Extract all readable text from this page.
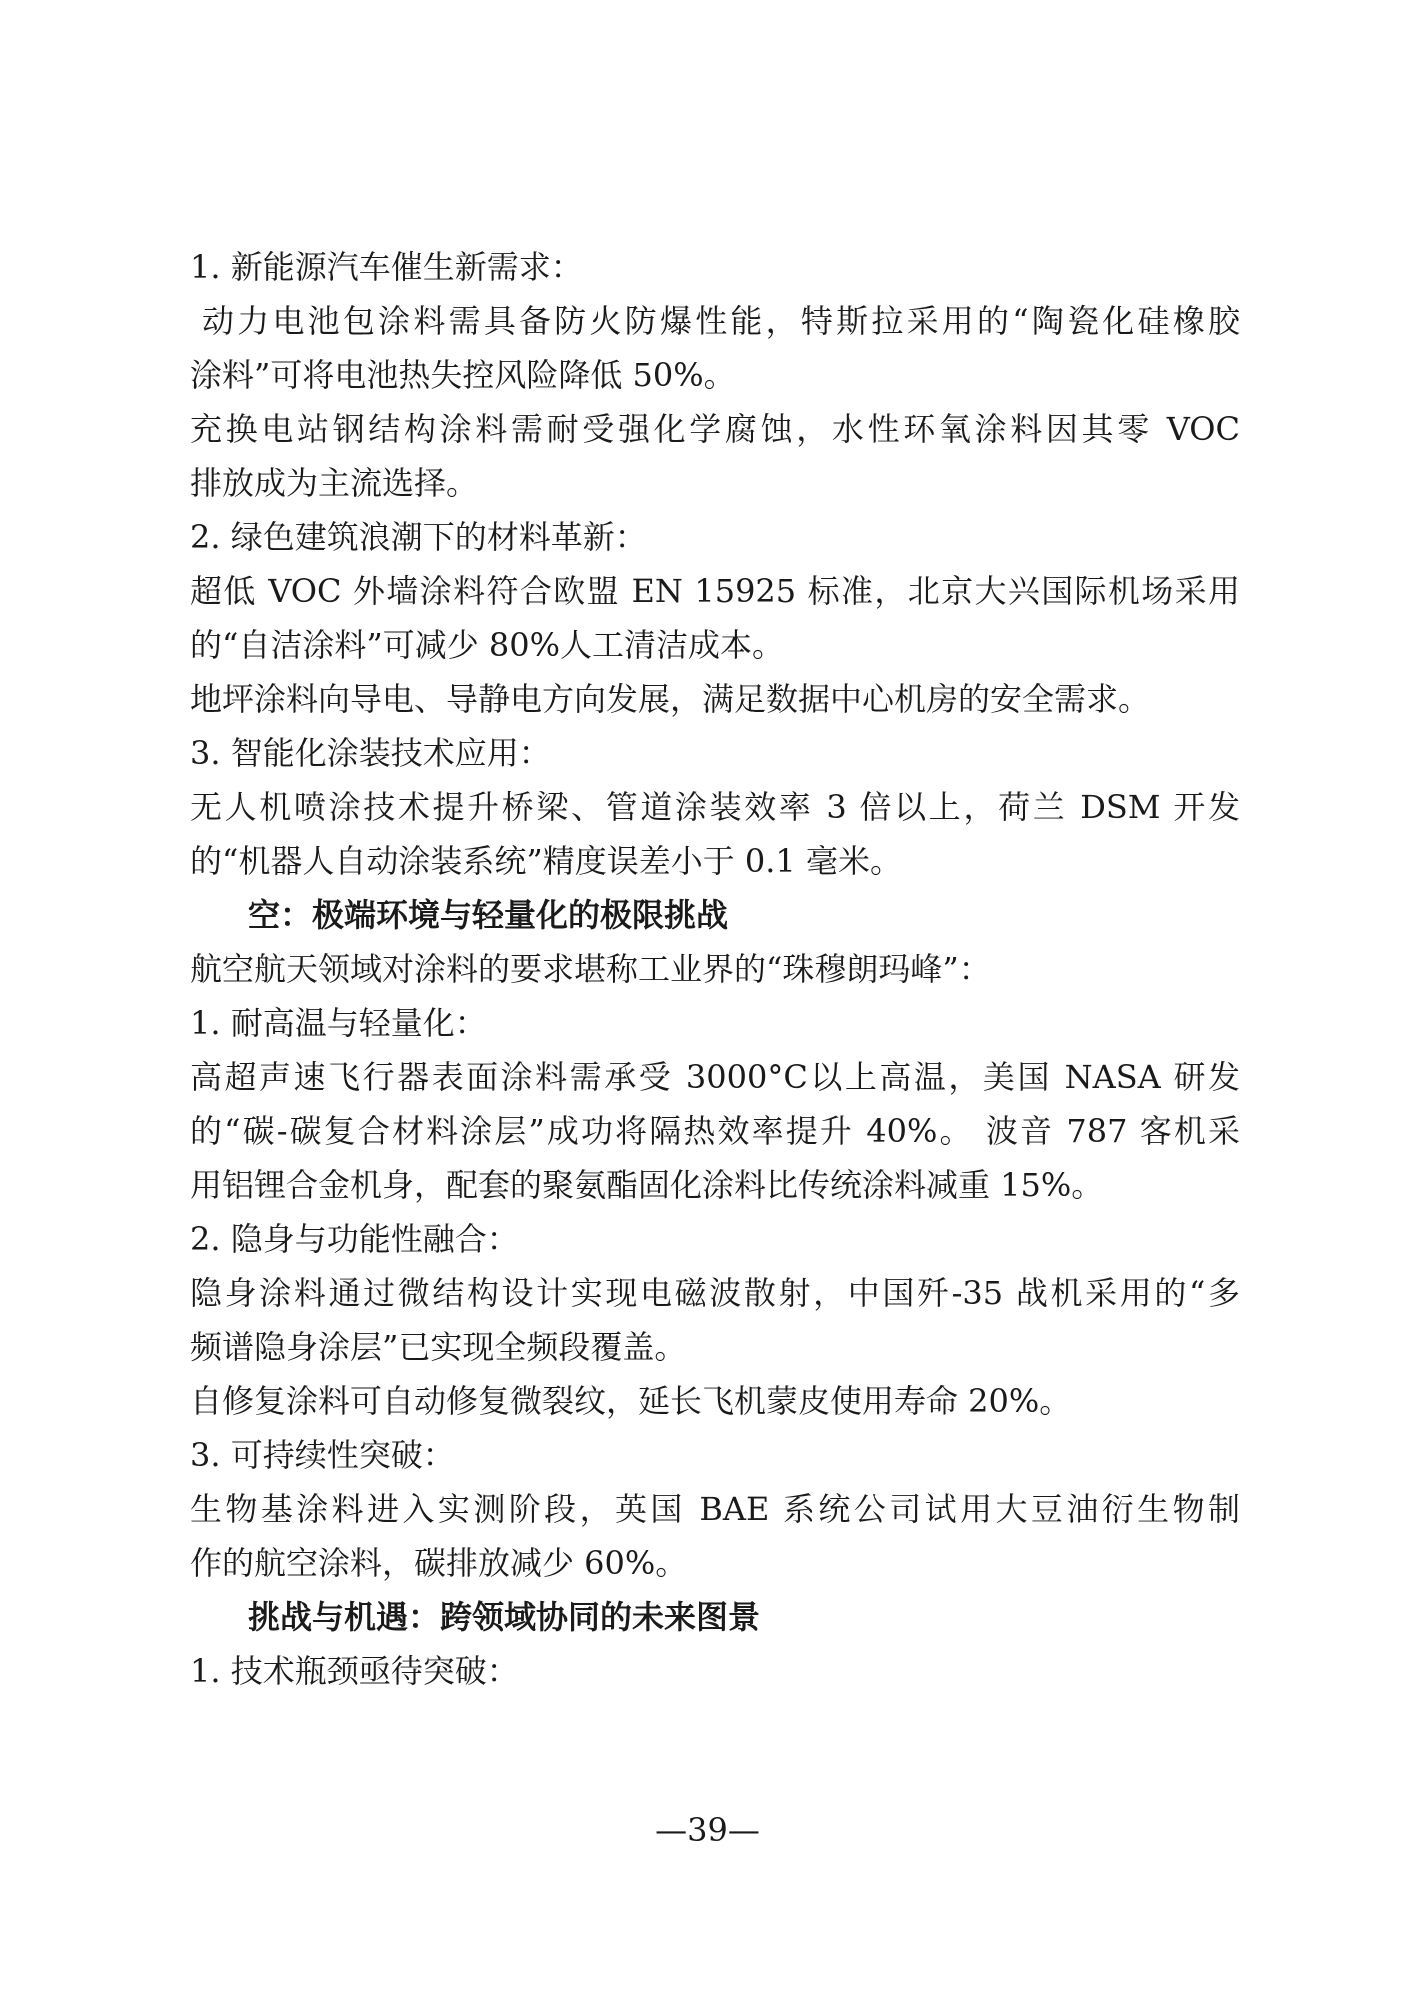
1. 新能源汽车催生新需求：
动力电池包涂料需具备防火防爆性能，特斯拉采用的“陶瓷化硅橡胶
涂料”可将电池热失控风险降低 50%。
充换电站钢结构涂料需耐受强化学腐蚀，水性环氧涂料因其零 VOC
排放成为主流选择。
2. 绿色建筑浪潮下的材料革新：
超低 VOC 外墙涂料符合欧盟 EN 15925 标准，北京大兴国际机场采用
的“自洁涂料”可减少 80%人工清洁成本。
地坪涂料向导电、导静电方向发展，满足数据中心机房的安全需求。
3. 智能化涂装技术应用：
无人机喷涂技术提升桥梁、管道涂装效率 3 倍以上，荷兰 DSM 开发
的“机器人自动涂装系统”精度误差小于 0.1 毫米。
空：极端环境与轻量化的极限挑战
航空航天领域对涂料的要求堪称工业界的“珠穆朗玛峰”：
1. 耐高温与轻量化：
高超声速飞行器表面涂料需承受 3000°C以上高温，美国 NASA 研发
的“碳-碳复合材料涂层”成功将隔热效率提升 40%。 波音 787 客机采
用铝锂合金机身，配套的聚氨酯固化涂料比传统涂料减重 15%。
2. 隐身与功能性融合：
隐身涂料通过微结构设计实现电磁波散射，中国歼-35 战机采用的“多
频谱隐身涂层”已实现全频段覆盖。
自修复涂料可自动修复微裂纹，延长飞机蒙皮使用寿命 20%。
3. 可持续性突破：
生物基涂料进入实测阶段，英国 BAE 系统公司试用大豆油衍生物制
作的航空涂料，碳排放减少 60%。
挑战与机遇：跨领域协同的未来图景
1. 技术瓶颈亟待突破：
—39—
